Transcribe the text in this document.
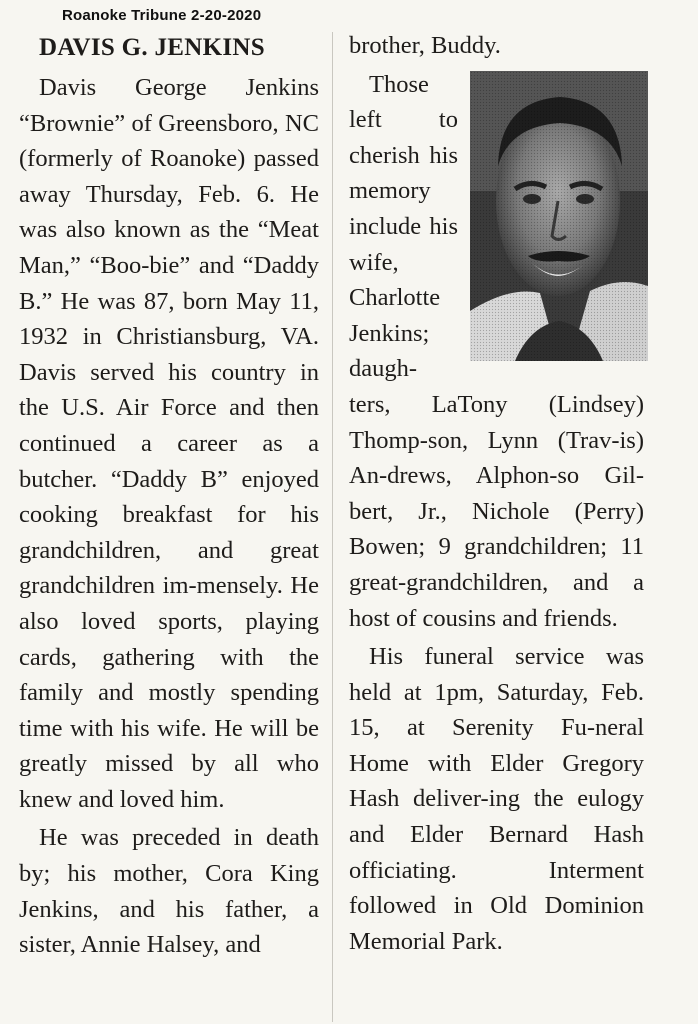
Roanoke Tribune 2-20-2020

DAVIS G. JENKINS

Davis George Jenkins “Brownie” of Greensboro, NC (formerly of Roanoke) passed away Thursday, Feb. 6. He was also known as the “Meat Man,” “Boo-bie” and “Daddy B.” He was 87, born May 11, 1932 in Christiansburg, VA. Davis served his country in the U.S. Air Force and then continued a career as a butcher. “Daddy B” enjoyed cooking breakfast for his grandchildren, and great grandchildren im-mensely. He also loved sports, playing cards, gathering with the family and mostly spending time with his wife. He will be greatly missed by all who knew and loved him.

He was preceded in death by; his mother, Cora King Jenkins, and his father, a sister, Annie Halsey, and

brother, Buddy.

Those left to cherish his memory include his wife, Charlotte Jenkins; daugh-ters, LaTony (Lindsey) Thomp-son, Lynn (Trav-is) An-drews, Alphon-so Gil-bert, Jr., Nichole (Perry) Bowen; 9 grandchildren; 11 great-grandchildren, and a host of cousins and friends.

His funeral service was held at 1pm, Saturday, Feb. 15, at Serenity Fu-neral Home with Elder Gregory Hash deliver-ing the eulogy and Elder Bernard Hash officiating. Interment followed in Old Dominion Memorial Park.
